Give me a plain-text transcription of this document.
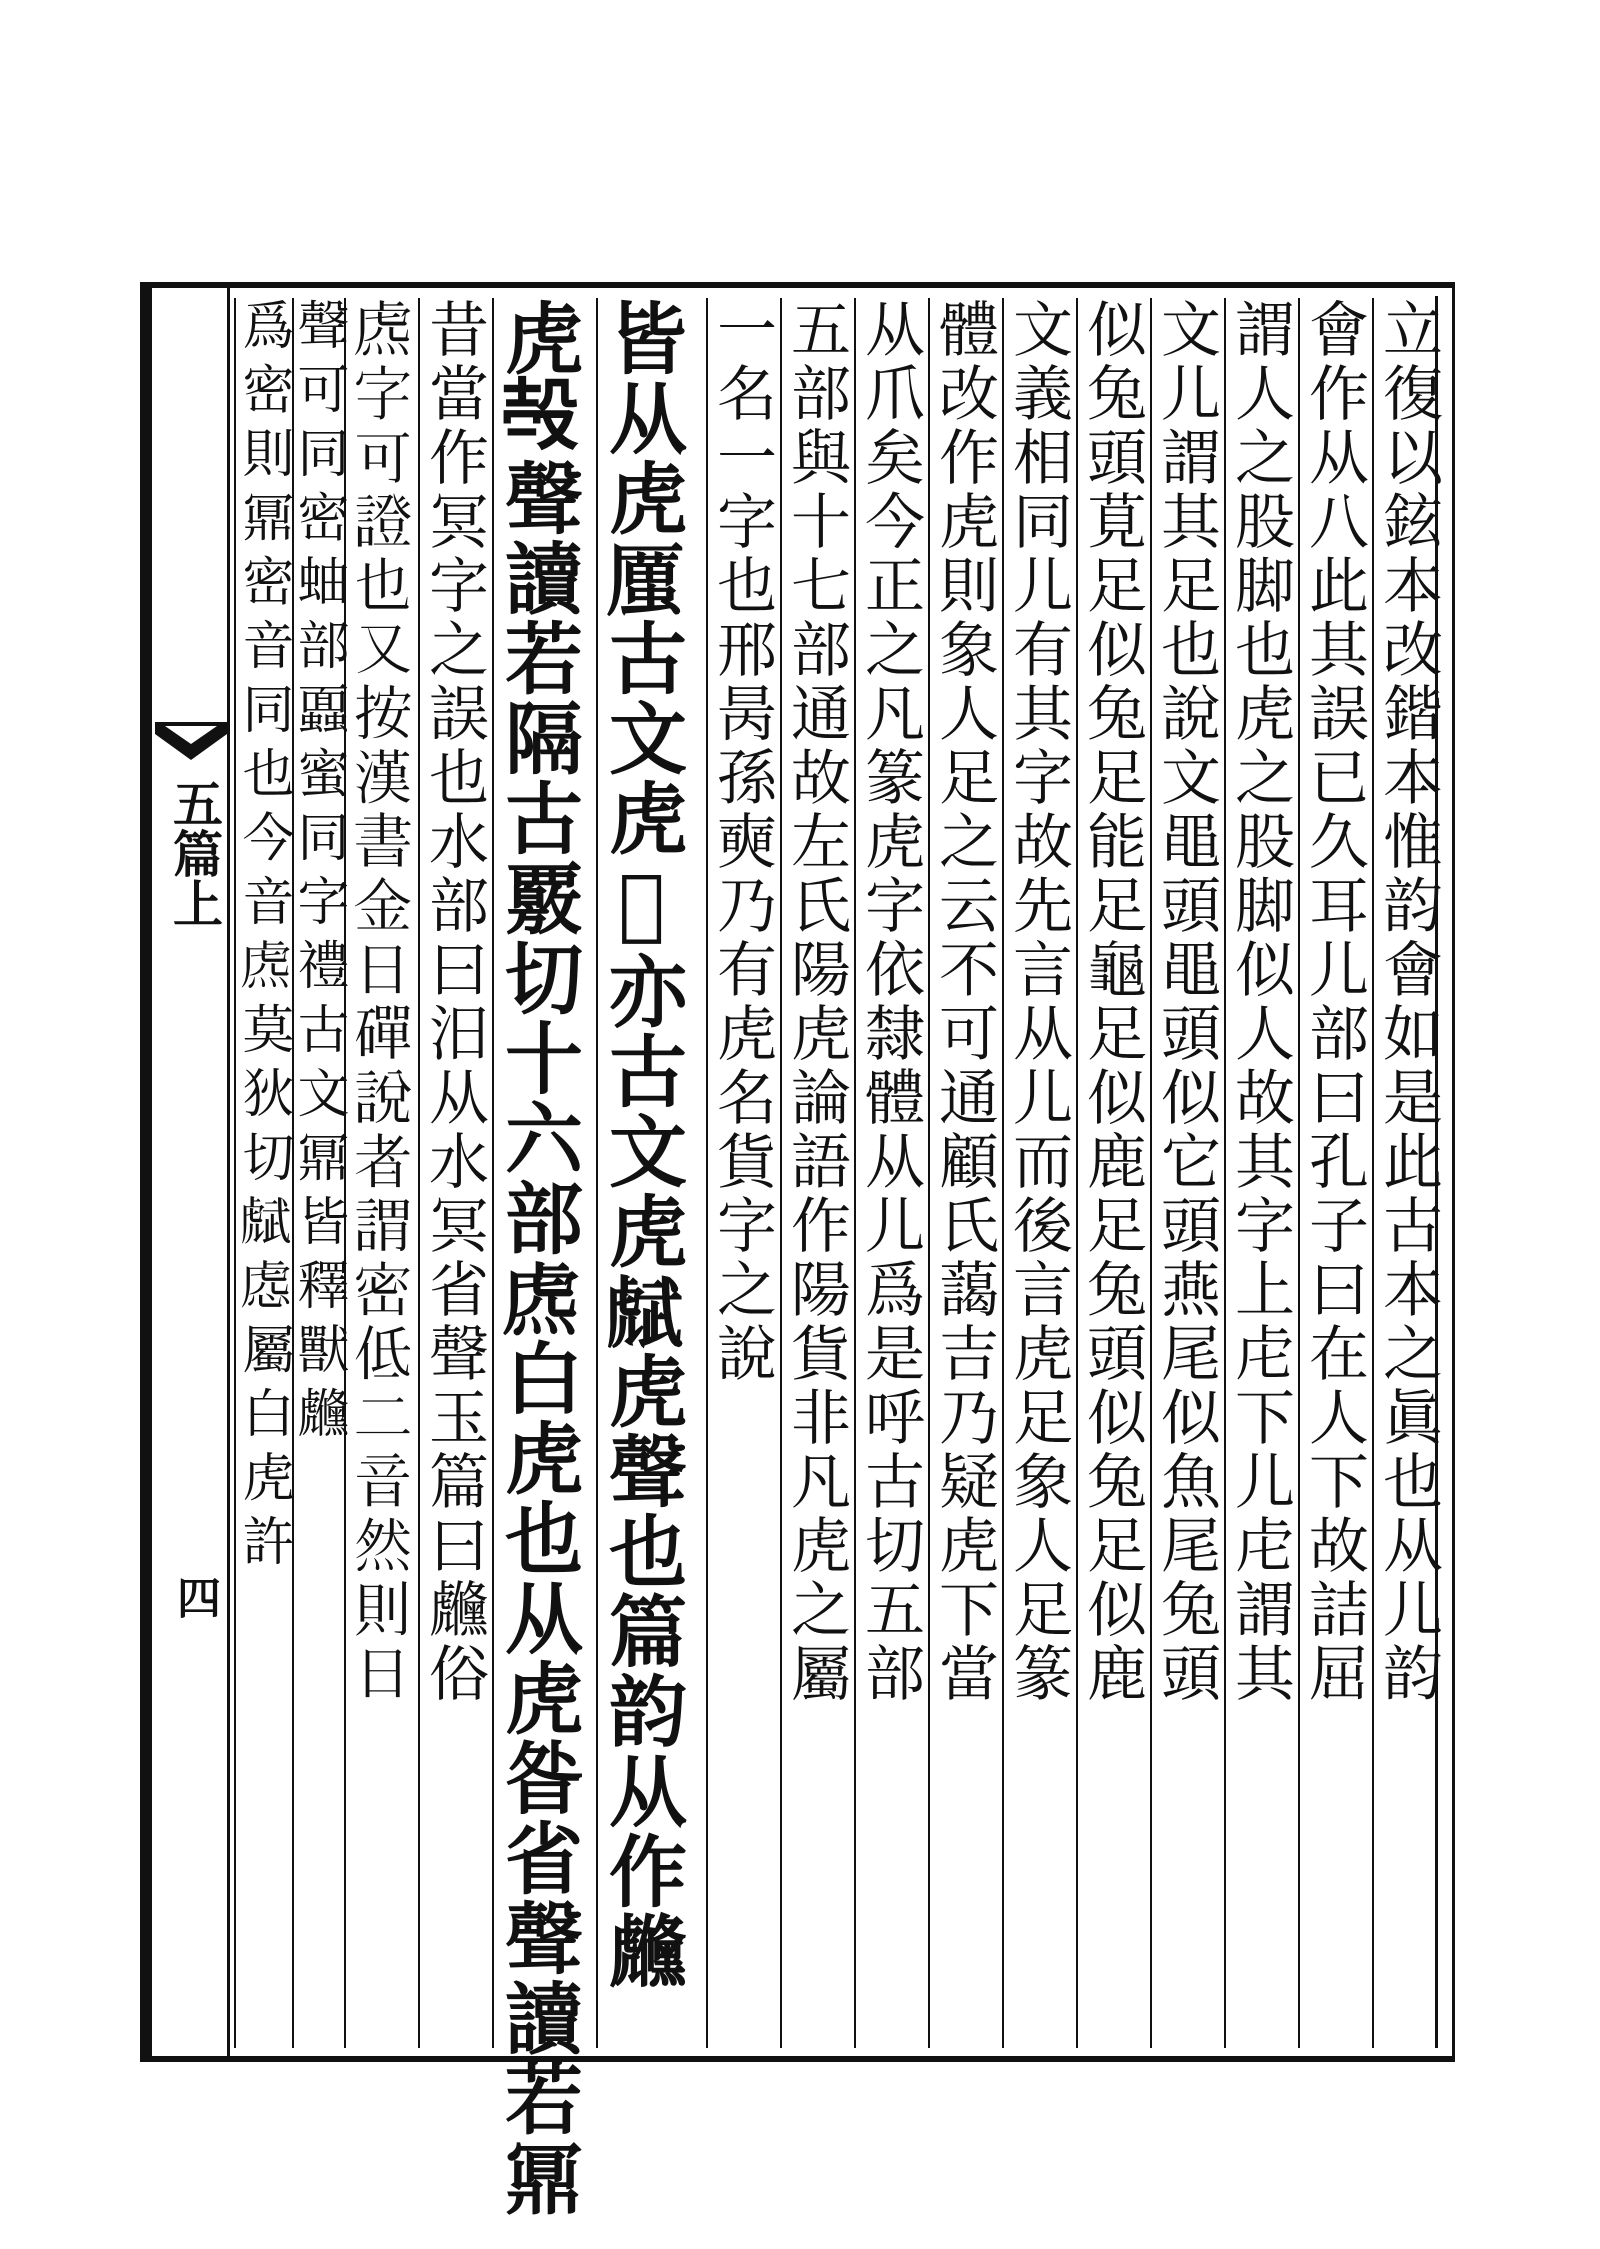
五篇上
四	立復以鉉本改鍇本惟韵會如是此古本之眞也从儿韵
會作从八此其誤已久耳儿部曰孔子曰在人下故詰屈
謂人之股脚也虎之股脚似人故其字上虍下儿虍謂其
文儿謂其足也說文黽頭黽頭似它頭燕尾似魚尾兔頭
似兔頭莧足似兔足能足龜足似鹿足兔頭似兔足似鹿
文義相同儿有其字故先言从儿而後言虎足象人足篆
體改作虎則象人足之云不可通顧氏藹吉乃疑虎下當
从爪矣今正之凡篆虎字依隸體从儿爲是呼古切五部
五部與十七部通故左氏陽虎論語作陽貨非凡虎之屬
一名一字也邢昺孫奭乃有虎名貨字之說
皆从虎𠪿古文虎𧆞亦古文虎𧇭虎聲也篇韵从作虪
虎𣪊聲讀若隔古覈切十六部𧆸白虎也从虎昝省聲讀若鼏
昔當作冥字之誤也水部曰汨从水冥省聲玉篇曰虪俗
𧆸字可證也又按漢書金日磾說者謂密低二音然則日
聲可同密蚰部蠠蜜同字禮古文鼏皆釋獸虪
爲密則鼏密音同也今音𧆸莫狄切𧇭𧆹屬白虎許
